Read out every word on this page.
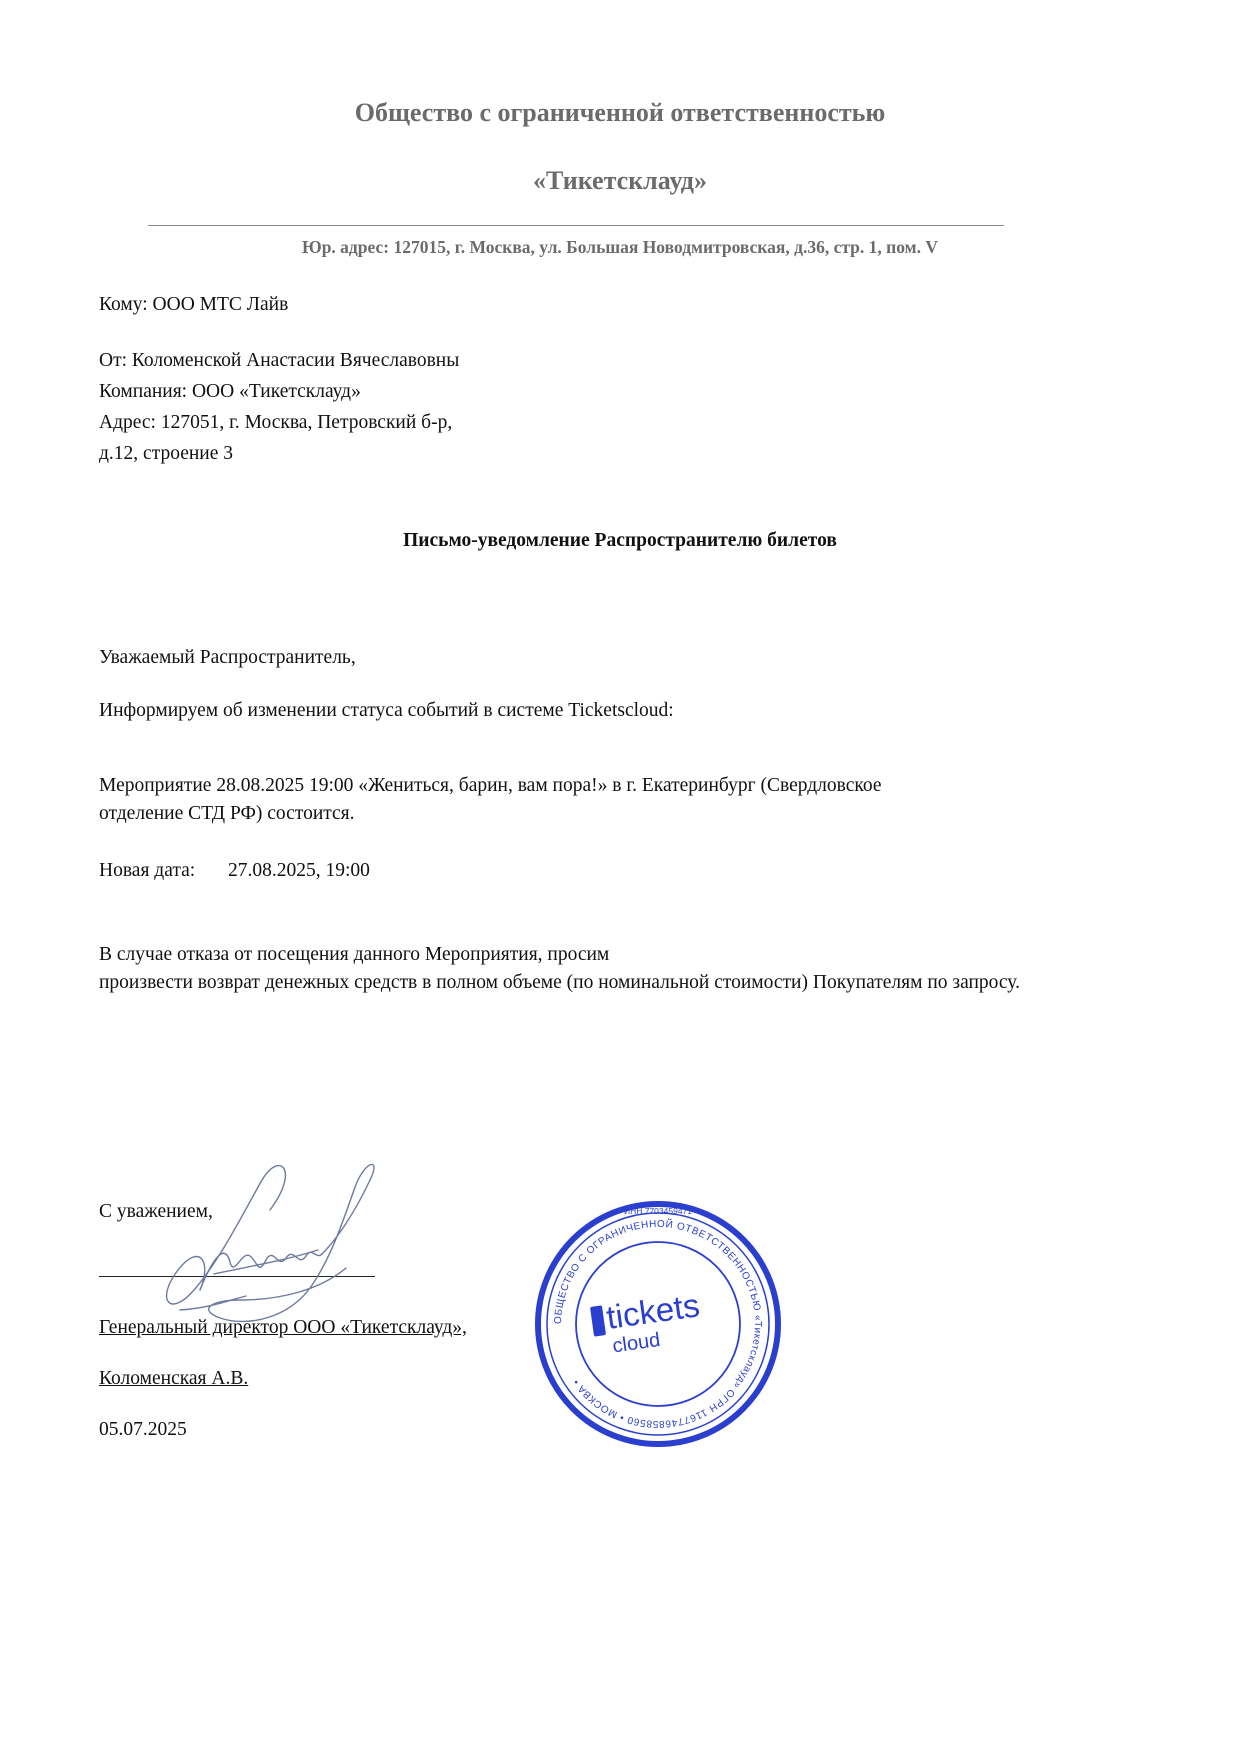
Общество с ограниченной ответственностью
«Тикетсклауд»
Юр. адрес: 127015, г. Москва, ул. Большая Новодмитровская, д.36, стр. 1, пом. V
Кому: ООО МТС Лайв
От: Коломенской Анастасии Вячеславовны
Компания: ООО «Тикетсклауд»
Адрес: 127051, г. Москва, Петровский б-р,
д.12, строение 3
Письмо-уведомление Распространителю билетов
Уважаемый Распространитель,
Информируем об изменении статуса событий в системе Ticketscloud:
Мероприятие 28.08.2025 19:00 «Жениться, барин, вам пора!» в г. Екатеринбург (Свердловское
отделение СТД РФ) состоится.
Новая дата: 27.08.2025, 19:00
В случае отказа от посещения данного Мероприятия, просим
произвести возврат денежных средств в полном объеме (по номинальной стоимости) Покупателям по запросу.
С уважением,
Генеральный директор ООО «Тикетсклауд»,
Коломенская А.В.
05.07.2025
ОБЩЕСТВО С ОГРАНИЧЕННОЙ ОТВЕТСТВЕННОСТЬЮ «Тикетсклауд» ОГРН 1167746858560 • МОСКВА •
ИНН 7703459471
tickets
cloud
